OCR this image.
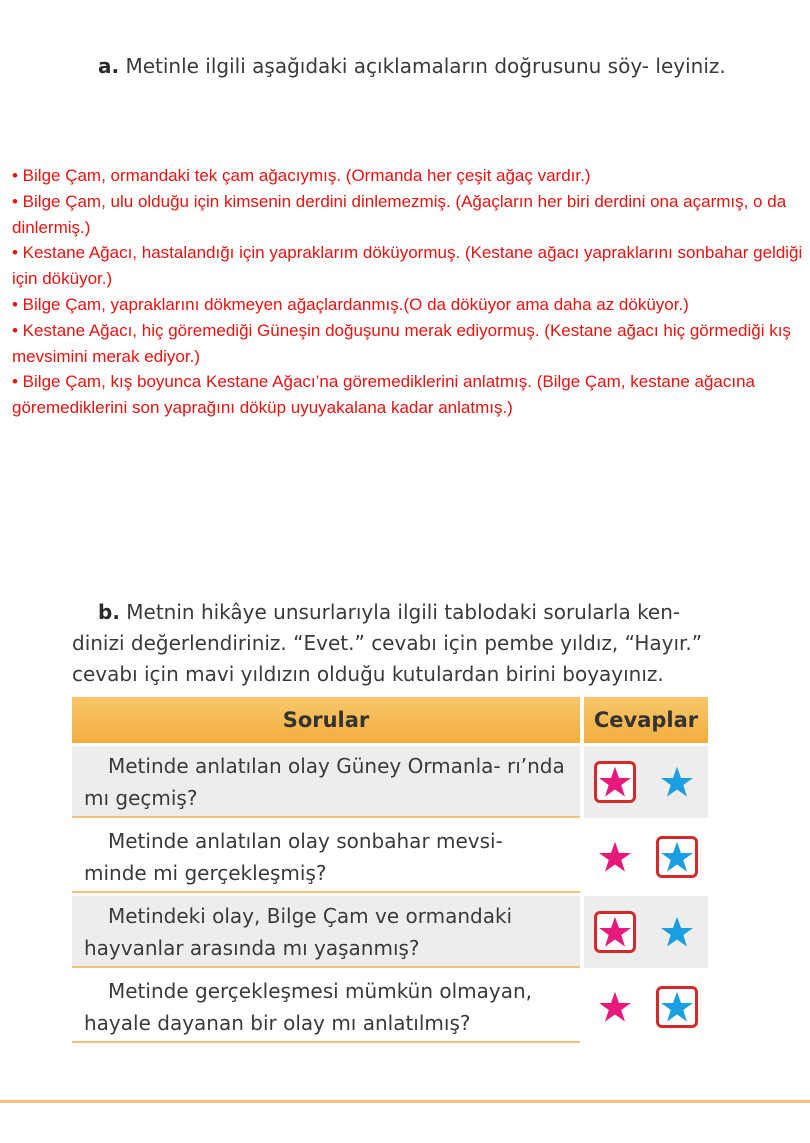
a. Metinle ilgili aşağıdaki açıklamaların doğrusunu söy- leyiniz.

• Bilge Çam, ormandaki tek çam ağacıymış. (Ormanda her çeşit ağaç vardır.)

• Bilge Çam, ulu olduğu için kimsenin derdini dinlemezmiş. (Ağaçların her biri derdini ona açarmış, o da dinlermiş.)

• Kestane Ağacı, hastalandığı için yapraklarım döküyormuş. (Kestane ağacı yapraklarını sonbahar geldiği için döküyor.)

• Bilge Çam, yapraklarını dökmeyen ağaçlardanmış.(O da döküyor ama daha az döküyor.)

• Kestane Ağacı, hiç göremediği Güneşin doğuşunu merak ediyormuş. (Kestane ağacı hiç görmediği kış mevsimini merak ediyor.)

• Bilge Çam, kış boyunca Kestane Ağacı’na göremediklerini anlatmış. (Bilge Çam, kestane ağacına göremediklerini son yaprağını döküp uyuyakalana kadar anlatmış.)

b. Metnin hikâye unsurlarıyla ilgili tablodaki sorularla ken- dinizi değerlendiriniz. “Evet.” cevabı için pembe yıldız, “Hayır.” cevabı için mavi yıldızın olduğu kutulardan birini boyayınız.
Sorular	Cevaplar
Metinde anlatılan olay Güney Ormanla- rı’nda mı geçmiş?	

Metinde anlatılan olay sonbahar mevsi- minde mi gerçekleşmiş?	

Metindeki olay, Bilge Çam ve ormandaki hayvanlar arasında mı yaşanmış?	

Metinde gerçekleşmesi mümkün olmayan, hayale dayanan bir olay mı anlatılmış?	
